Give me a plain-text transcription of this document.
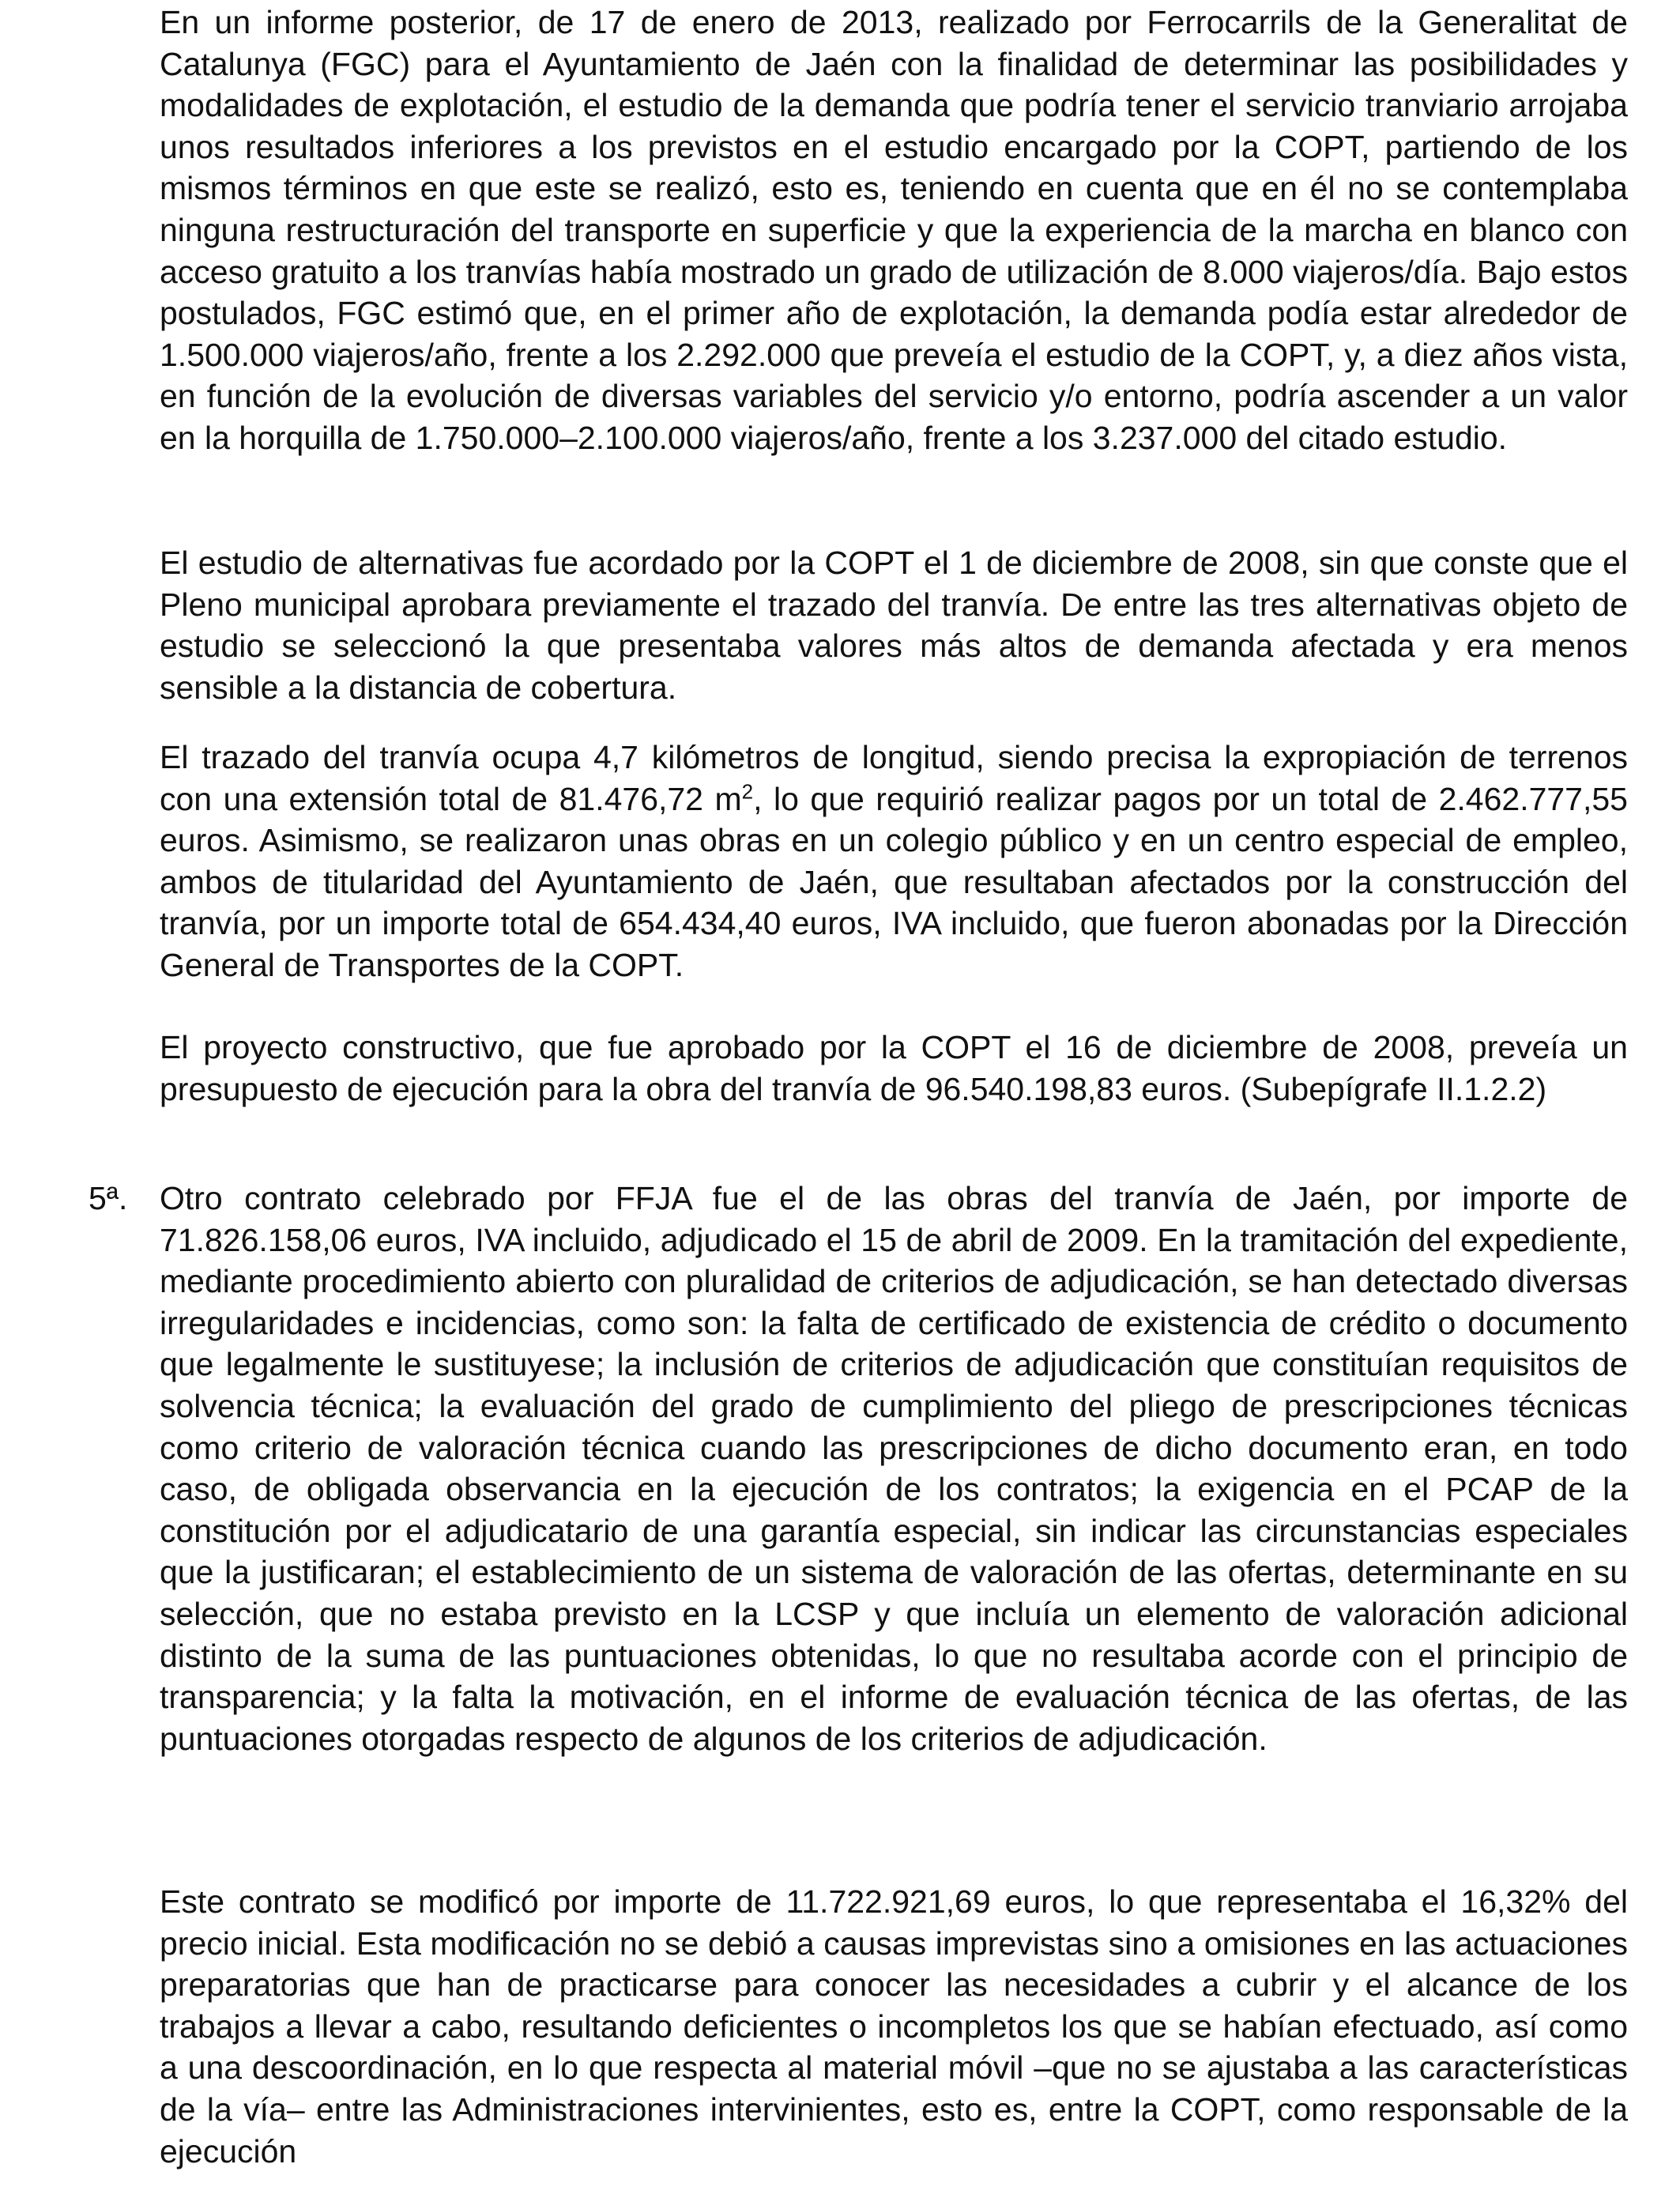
En un informe posterior, de 17 de enero de 2013, realizado por Ferrocarrils de la Generalitat de Catalunya (FGC) para el Ayuntamiento de Jaén con la finalidad de determinar las posibilidades y modalidades de explotación, el estudio de la demanda que podría tener el servicio tranviario arrojaba unos resultados inferiores a los previstos en el estudio encargado por la COPT, partiendo de los mismos términos en que este se realizó, esto es, teniendo en cuenta que en él no se contemplaba ninguna restructuración del transporte en superficie y que la experiencia de la marcha en blanco con acceso gratuito a los tranvías había mostrado un grado de utilización de 8.000 viajeros/día. Bajo estos postulados, FGC estimó que, en el primer año de explotación, la demanda podía estar alrededor de 1.500.000 viajeros/año, frente a los 2.292.000 que preveía el estudio de la COPT, y, a diez años vista, en función de la evolución de diversas variables del servicio y/o entorno, podría ascender a un valor en la horquilla de 1.750.000–2.100.000 viajeros/año, frente a los 3.237.000 del citado estudio.

El estudio de alternativas fue acordado por la COPT el 1 de diciembre de 2008, sin que conste que el Pleno municipal aprobara previamente el trazado del tranvía. De entre las tres alternativas objeto de estudio se seleccionó la que presentaba valores más altos de demanda afectada y era menos sensible a la distancia de cobertura.

El trazado del tranvía ocupa 4,7 kilómetros de longitud, siendo precisa la expropiación de terrenos con una extensión total de 81.476,72 $m^2$, lo que requirió realizar pagos por un total de 2.462.777,55 euros. Asimismo, se realizaron unas obras en un colegio público y en un centro especial de empleo, ambos de titularidad del Ayuntamiento de Jaén, que resultaban afectados por la construcción del tranvía, por un importe total de 654.434,40 euros, IVA incluido, que fueron abonadas por la Dirección General de Transportes de la COPT.

El proyecto constructivo, que fue aprobado por la COPT el 16 de diciembre de 2008, preveía un presupuesto de ejecución para la obra del tranvía de 96.540.198,83 euros. (Subepígrafe II.1.2.2)

5ª. Otro contrato celebrado por FFJA fue el de las obras del tranvía de Jaén, por importe de 71.826.158,06 euros, IVA incluido, adjudicado el 15 de abril de 2009. En la tramitación del expediente, mediante procedimiento abierto con pluralidad de criterios de adjudicación, se han detectado diversas irregularidades e incidencias, como son: la falta de certificado de existencia de crédito o documento que legalmente le sustituyese; la inclusión de criterios de adjudicación que constituían requisitos de solvencia técnica; la evaluación del grado de cumplimiento del pliego de prescripciones técnicas como criterio de valoración técnica cuando las prescripciones de dicho documento eran, en todo caso, de obligada observancia en la ejecución de los contratos; la exigencia en el PCAP de la constitución por el adjudicatario de una garantía especial, sin indicar las circunstancias especiales que la justificaran; el establecimiento de un sistema de valoración de las ofertas, determinante en su selección, que no estaba previsto en la LCSP y que incluía un elemento de valoración adicional distinto de la suma de las puntuaciones obtenidas, lo que no resultaba acorde con el principio de transparencia; y la falta la motivación, en el informe de evaluación técnica de las ofertas, de las puntuaciones otorgadas respecto de algunos de los criterios de adjudicación.

Este contrato se modificó por importe de 11.722.921,69 euros, lo que representaba el 16,32% del precio inicial. Esta modificación no se debió a causas imprevistas sino a omisiones en las actuaciones preparatorias que han de practicarse para conocer las necesidades a cubrir y el alcance de los trabajos a llevar a cabo, resultando deficientes o incompletos los que se habían efectuado, así como a una descoordinación, en lo que respecta al material móvil –que no se ajustaba a las características de la vía– entre las Administraciones intervinientes, esto es, entre la COPT, como responsable de la ejecución
